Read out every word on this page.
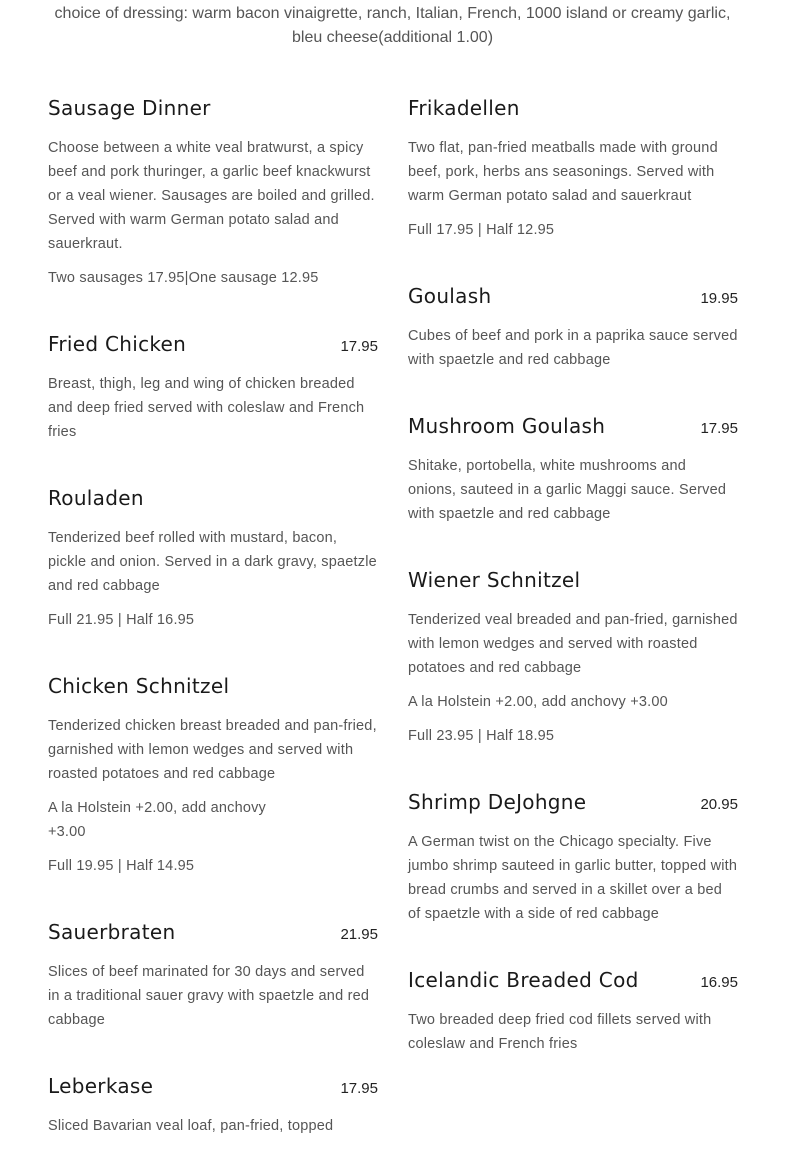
choice of dressing: warm bacon vinaigrette, ranch, Italian, French, 1000 island or creamy garlic, bleu cheese(additional 1.00)
Sausage Dinner

Choose between a white veal bratwurst, a spicy beef and pork thuringer, a garlic beef knackwurst or a veal wiener. Sausages are boiled and grilled. Served with warm German potato salad and sauerkraut.

Two sausages 17.95|One sausage 12.95

Fried Chicken	17.95

Breast, thigh, leg and wing of chicken breaded and deep fried served with coleslaw and French fries

Rouladen

Tenderized beef rolled with mustard, bacon, pickle and onion. Served in a dark gravy, spaetzle and red cabbage

Full 21.95 | Half 16.95

Chicken Schnitzel

Tenderized chicken breast breaded and pan-fried, garnished with lemon wedges and served with roasted potatoes and red cabbage

A la Holstein +2.00, add anchovy +3.00

Full 19.95 | Half 14.95

Sauerbraten	21.95

Slices of beef marinated for 30 days and served in a traditional sauer gravy with spaetzle and red cabbage

Leberkase	17.95

Sliced Bavarian veal loaf, pan-fried, topped

Frikadellen

Two flat, pan-fried meatballs made with ground beef, pork, herbs ans seasonings. Served with warm German potato salad and sauerkraut

Full 17.95 | Half 12.95

Goulash	19.95

Cubes of beef and pork in a paprika sauce served with spaetzle and red cabbage

Mushroom Goulash	17.95

Shitake, portobella, white mushrooms and onions, sauteed in a garlic Maggi sauce. Served with spaetzle and red cabbage

Wiener Schnitzel

Tenderized veal breaded and pan-fried, garnished with lemon wedges and served with roasted potatoes and red cabbage

A la Holstein +2.00, add anchovy +3.00

Full 23.95 | Half 18.95

Shrimp DeJohgne	20.95

A German twist on the Chicago specialty. Five jumbo shrimp sauteed in garlic butter, topped with bread crumbs and served in a skillet over a bed of spaetzle with a side of red cabbage

Icelandic Breaded Cod	16.95

Two breaded deep fried cod fillets served with coleslaw and French fries
